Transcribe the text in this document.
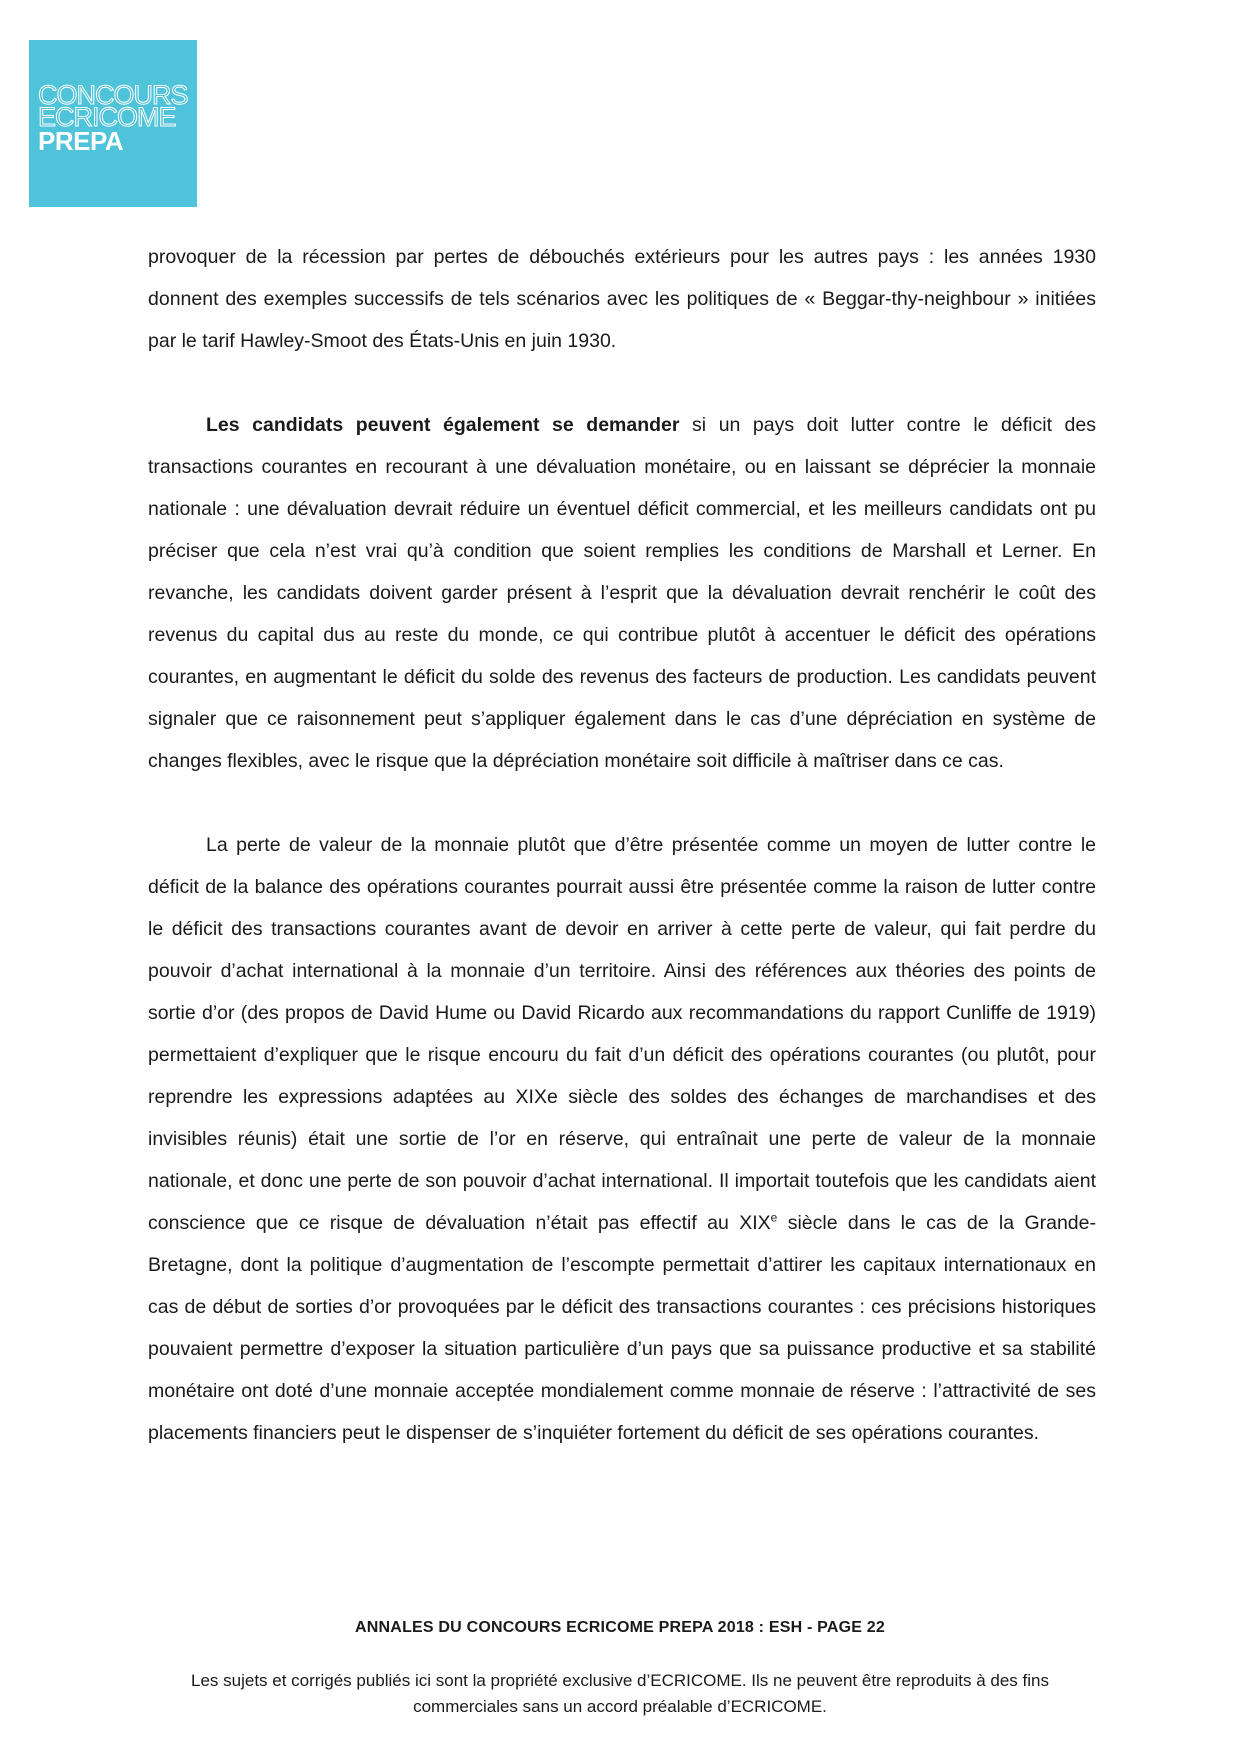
CONCOURS
ECRICOME
PREPA

provoquer de la récession par pertes de débouchés extérieurs pour les autres pays : les années 1930 donnent des exemples successifs de tels scénarios avec les politiques de « Beggar-thy-neighbour » initiées par le tarif Hawley-Smoot des États-Unis en juin 1930.

Les candidats peuvent également se demander si un pays doit lutter contre le déficit des transactions courantes en recourant à une dévaluation monétaire, ou en laissant se déprécier la monnaie nationale : une dévaluation devrait réduire un éventuel déficit commercial, et les meilleurs candidats ont pu préciser que cela n’est vrai qu’à condition que soient remplies les conditions de Marshall et Lerner. En revanche, les candidats doivent garder présent à l’esprit que la dévaluation devrait renchérir le coût des revenus du capital dus au reste du monde, ce qui contribue plutôt à accentuer le déficit des opérations courantes, en augmentant le déficit du solde des revenus des facteurs de production. Les candidats peuvent signaler que ce raisonnement peut s’appliquer également dans le cas d’une dépréciation en système de changes flexibles, avec le risque que la dépréciation monétaire soit difficile à maîtriser dans ce cas.

La perte de valeur de la monnaie plutôt que d’être présentée comme un moyen de lutter contre le déficit de la balance des opérations courantes pourrait aussi être présentée comme la raison de lutter contre le déficit des transactions courantes avant de devoir en arriver à cette perte de valeur, qui fait perdre du pouvoir d’achat international à la monnaie d’un territoire. Ainsi des références aux théories des points de sortie d’or (des propos de David Hume ou David Ricardo aux recommandations du rapport Cunliffe de 1919) permettaient d’expliquer que le risque encouru du fait d’un déficit des opérations courantes (ou plutôt, pour reprendre les expressions adaptées au XIXe siècle des soldes des échanges de marchandises et des invisibles réunis) était une sortie de l’or en réserve, qui entraînait une perte de valeur de la monnaie nationale, et donc une perte de son pouvoir d’achat international. Il importait toutefois que les candidats aient conscience que ce risque de dévaluation n’était pas effectif au XIXe siècle dans le cas de la Grande-Bretagne, dont la politique d’augmentation de l’escompte permettait d’attirer les capitaux internationaux en cas de début de sorties d’or provoquées par le déficit des transactions courantes : ces précisions historiques pouvaient permettre d’exposer la situation particulière d’un pays que sa puissance productive et sa stabilité monétaire ont doté d’une monnaie acceptée mondialement comme monnaie de réserve : l’attractivité de ses placements financiers peut le dispenser de s’inquiéter fortement du déficit de ses opérations courantes.

ANNALES DU CONCOURS ECRICOME PREPA 2018 : ESH - PAGE 22
Les sujets et corrigés publiés ici sont la propriété exclusive d’ECRICOME. Ils ne peuvent être reproduits à des fins commerciales sans un accord préalable d’ECRICOME.
